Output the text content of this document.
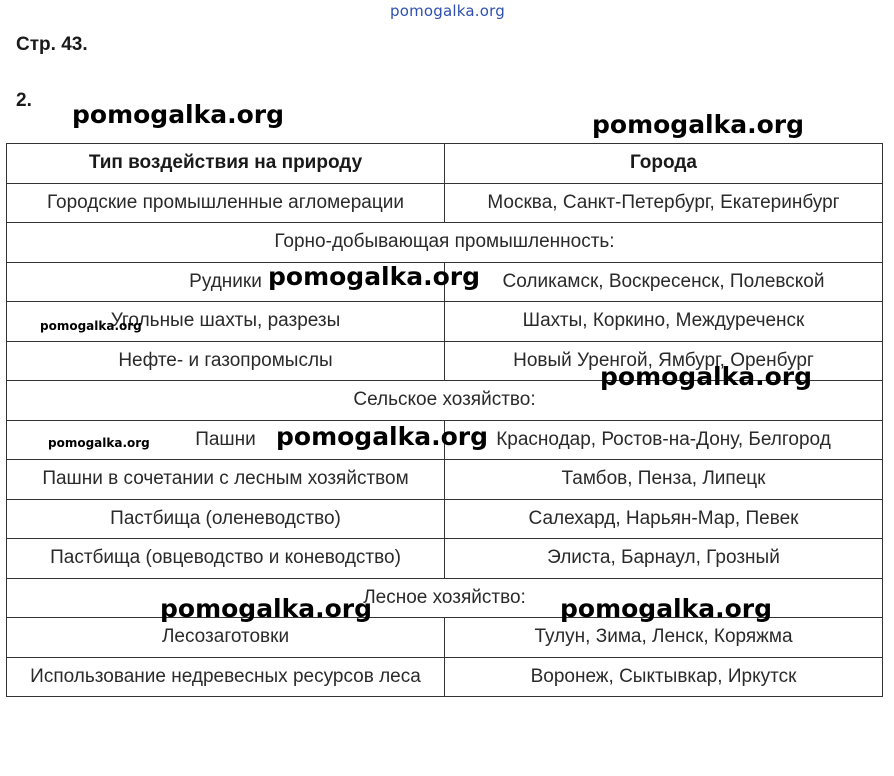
pomogalka.org
Стр. 43.
2.
Тип воздействия на природу	Города
Городские промышленные агломерации	Москва, Санкт-Петербург, Екатеринбург
Горно-добывающая промышленность:	
Рудники	Соликамск, Воскресенск, Полевской
Угольные шахты, разрезы	Шахты, Коркино, Междуреченск
Нефте- и газопромыслы	Новый Уренгой, Ямбург, Оренбург
Сельское хозяйство:	
Пашни	Краснодар, Ростов-на-Дону, Белгород
Пашни в сочетании с лесным хозяйством	Тамбов, Пенза, Липецк
Пастбища (оленеводство)	Салехард, Нарьян-Мар, Певек
Пастбища (овцеводство и коневодство)	Элиста, Барнаул, Грозный
Лесное хозяйство:	
Лесозаготовки	Тулун, Зима, Ленск, Коряжма
Использование недревесных ресурсов леса	Воронеж, Сыктывкар, Иркутск
pomogalka.org	pomogalka.org
pomogalka.org
pomogalka.org
pomogalka.org
pomogalka.org	pomogalka.org
pomogalka.org	pomogalka.org
